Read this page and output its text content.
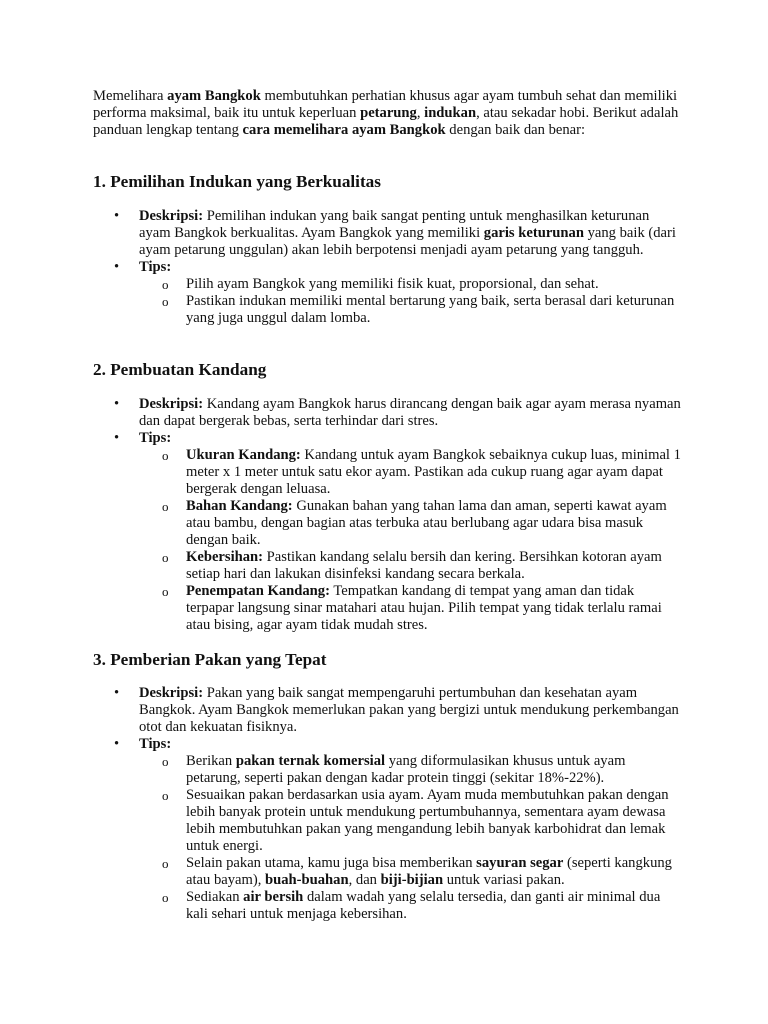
Memelihara ayam Bangkok membutuhkan perhatian khusus agar ayam tumbuh sehat dan memiliki performa maksimal, baik itu untuk keperluan petarung, indukan, atau sekadar hobi. Berikut adalah panduan lengkap tentang cara memelihara ayam Bangkok dengan baik dan benar:

1. Pemilihan Indukan yang Berkualitas
• Deskripsi: Pemilihan indukan yang baik sangat penting untuk menghasilkan keturunan ayam Bangkok berkualitas. Ayam Bangkok yang memiliki garis keturunan yang baik (dari ayam petarung unggulan) akan lebih berpotensi menjadi ayam petarung yang tangguh.
• Tips:
o Pilih ayam Bangkok yang memiliki fisik kuat, proporsional, dan sehat.
o Pastikan indukan memiliki mental bertarung yang baik, serta berasal dari keturunan yang juga unggul dalam lomba.
2. Pembuatan Kandang
• Deskripsi: Kandang ayam Bangkok harus dirancang dengan baik agar ayam merasa nyaman dan dapat bergerak bebas, serta terhindar dari stres.
• Tips:
o Ukuran Kandang: Kandang untuk ayam Bangkok sebaiknya cukup luas, minimal 1 meter x 1 meter untuk satu ekor ayam. Pastikan ada cukup ruang agar ayam dapat bergerak dengan leluasa.
o Bahan Kandang: Gunakan bahan yang tahan lama dan aman, seperti kawat ayam atau bambu, dengan bagian atas terbuka atau berlubang agar udara bisa masuk dengan baik.
o Kebersihan: Pastikan kandang selalu bersih dan kering. Bersihkan kotoran ayam setiap hari dan lakukan disinfeksi kandang secara berkala.
o Penempatan Kandang: Tempatkan kandang di tempat yang aman dan tidak terpapar langsung sinar matahari atau hujan. Pilih tempat yang tidak terlalu ramai atau bising, agar ayam tidak mudah stres.
3. Pemberian Pakan yang Tepat
• Deskripsi: Pakan yang baik sangat mempengaruhi pertumbuhan dan kesehatan ayam Bangkok. Ayam Bangkok memerlukan pakan yang bergizi untuk mendukung perkembangan otot dan kekuatan fisiknya.
• Tips:
o Berikan pakan ternak komersial yang diformulasikan khusus untuk ayam petarung, seperti pakan dengan kadar protein tinggi (sekitar 18%-22%).
o Sesuaikan pakan berdasarkan usia ayam. Ayam muda membutuhkan pakan dengan lebih banyak protein untuk mendukung pertumbuhannya, sementara ayam dewasa lebih membutuhkan pakan yang mengandung lebih banyak karbohidrat dan lemak untuk energi.
o Selain pakan utama, kamu juga bisa memberikan sayuran segar (seperti kangkung atau bayam), buah-buahan, dan biji-bijian untuk variasi pakan.
o Sediakan air bersih dalam wadah yang selalu tersedia, dan ganti air minimal dua kali sehari untuk menjaga kebersihan.
